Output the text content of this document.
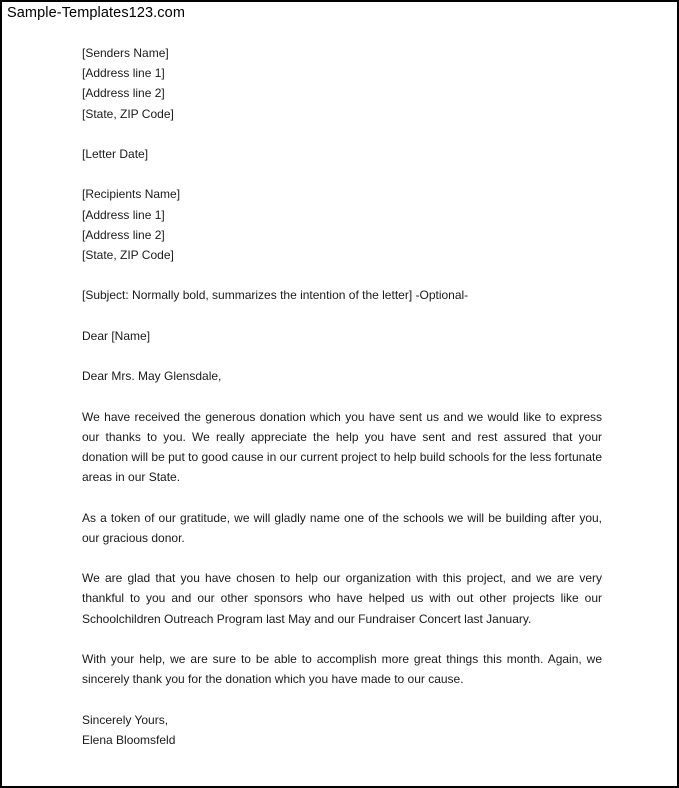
Sample-Templates123.com
[Senders Name]
[Address line 1]
[Address line 2]
[State, ZIP Code]
[Letter Date]
[Recipients Name]
[Address line 1]
[Address line 2]
[State, ZIP Code]
[Subject: Normally bold, summarizes the intention of the letter] -Optional-
Dear [Name]
Dear Mrs. May Glensdale,
We have received the generous donation which you have sent us and we would like to express our thanks to you. We really appreciate the help you have sent and rest assured that your donation will be put to good cause in our current project to help build schools for the less fortunate areas in our State.
As a token of our gratitude, we will gladly name one of the schools we will be building after you, our gracious donor.
We are glad that you have chosen to help our organization with this project, and we are very thankful to you and our other sponsors who have helped us with out other projects like our Schoolchildren Outreach Program last May and our Fundraiser Concert last January.
With your help, we are sure to be able to accomplish more great things this month. Again, we sincerely thank you for the donation which you have made to our cause.
Sincerely Yours,
Elena Bloomsfeld
